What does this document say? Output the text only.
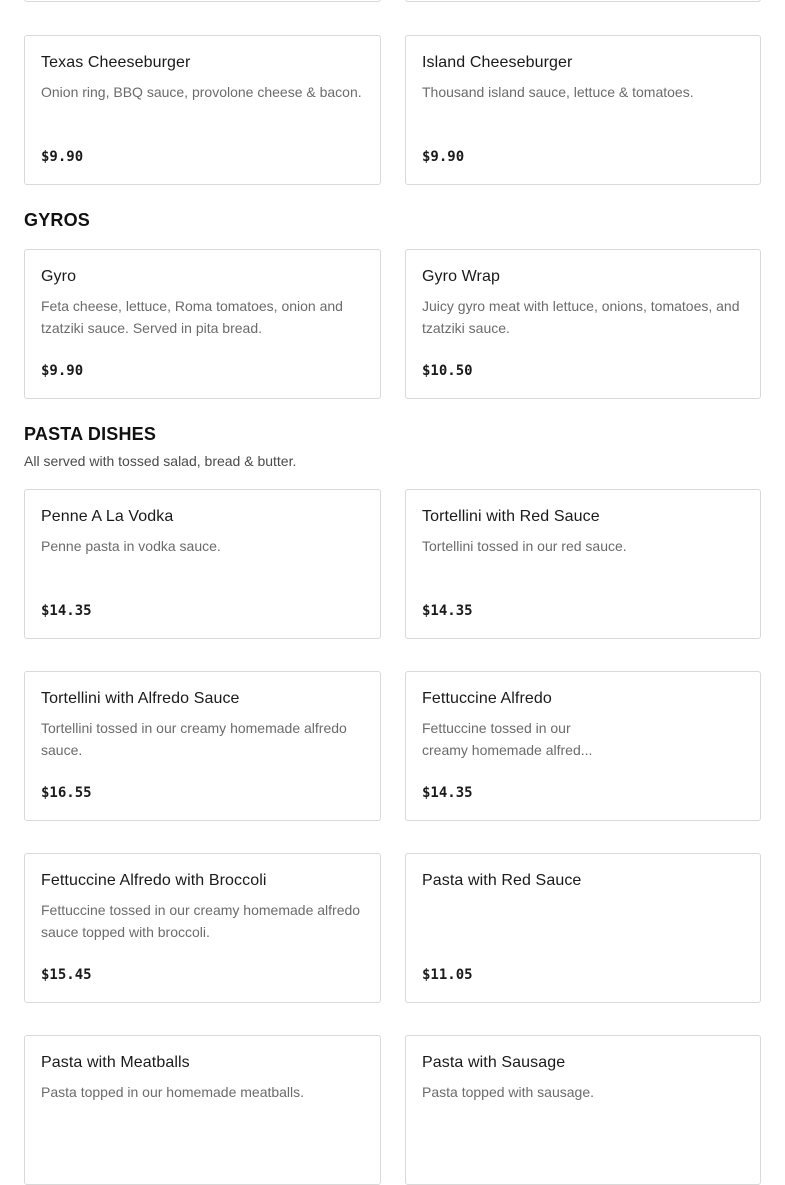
Texas Cheeseburger
Onion ring, BBQ sauce, provolone cheese & bacon.
$9.90
Island Cheeseburger
Thousand island sauce, lettuce & tomatoes.
$9.90
GYROS
Gyro
Feta cheese, lettuce, Roma tomatoes, onion and tzatziki sauce. Served in pita bread.
$9.90
Gyro Wrap
Juicy gyro meat with lettuce, onions, tomatoes, and tzatziki sauce.
$10.50
PASTA DISHES

All served with tossed salad, bread & butter.

Penne A La Vodka
Penne pasta in vodka sauce.
$14.35
Tortellini with Red Sauce
Tortellini tossed in our red sauce.
$14.35
Tortellini with Alfredo Sauce
Tortellini tossed in our creamy homemade alfredo sauce.
$16.55
Fettuccine Alfredo
Fettuccine tossed in our creamy homemade alfred...
$14.35
Fettuccine Alfredo with Broccoli
Fettuccine tossed in our creamy homemade alfredo sauce topped with broccoli.
$15.45
Pasta with Red Sauce
$11.05
Pasta with Meatballs
Pasta topped in our homemade meatballs.
Pasta with Sausage
Pasta topped with sausage.
